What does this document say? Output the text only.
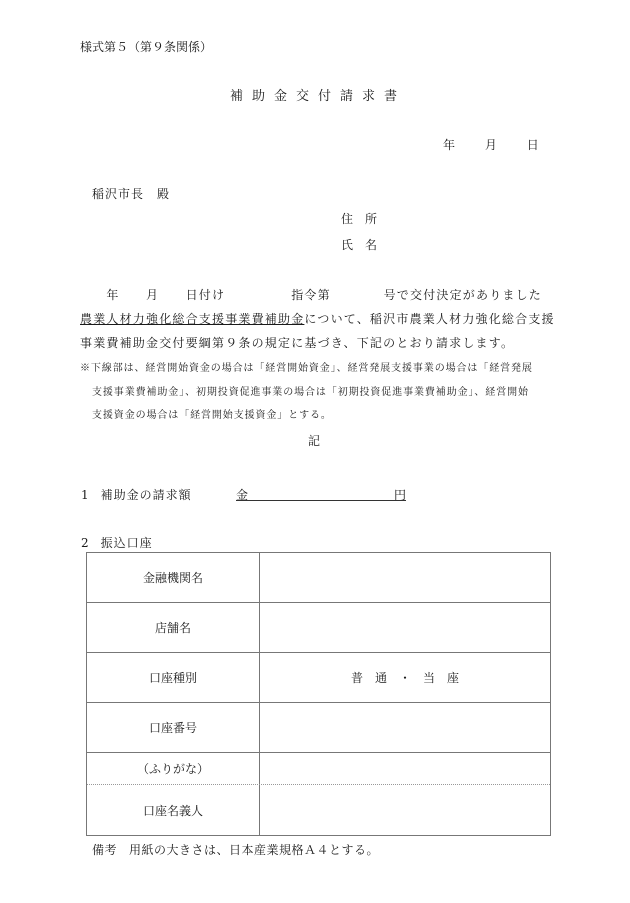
様式第５（第９条関係）
補助金交付請求書
年 月 日
稲沢市長　殿
住　所
氏　名
　　年　　月　　日付け　　　　　指令第　　　　号で交付決定がありました
農業人材力強化総合支援事業費補助金について、稲沢市農業人材力強化総合支援
事業費補助金交付要綱第９条の規定に基づき、下記のとおり請求します。
※下線部は、経営開始資金の場合は「経営開始資金」、経営発展支援事業の場合は「経営発展
支援事業費補助金」、初期投資促進事業の場合は「初期投資促進事業費補助金」、経営開始
支援資金の場合は「経営開始支援資金」とする。
記
1 補助金の請求額	金	円
2 振込口座
金融機関名
店舗名
口座種別	普　通　・　当　座
口座番号
（ふりがな）
口座名義人
備考 用紙の大きさは、日本産業規格Ａ４とする。
